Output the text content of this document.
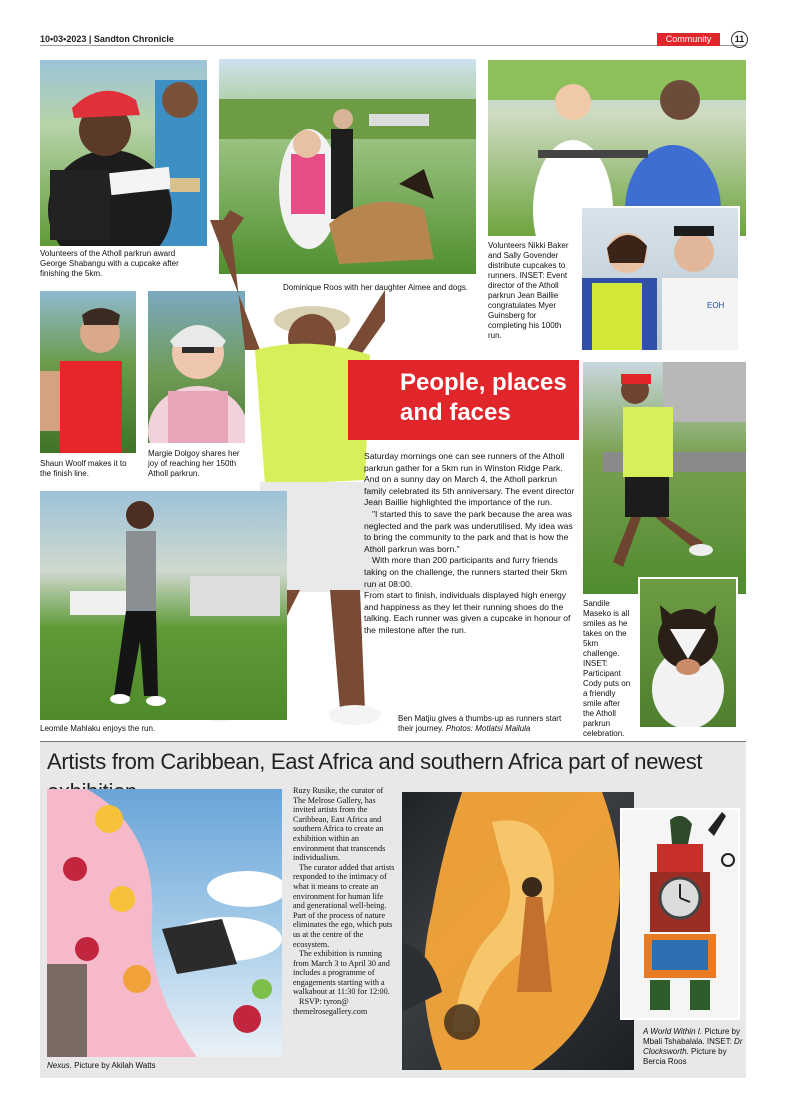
10•03•2023 | Sandton Chronicle	Community	11
Volunteers of the Atholl parkrun award George Shabangu with a cupcake after finishing the 5km.
Dominique Roos with her daughter Aimee and dogs.
Volunteers Nikki Baker and Sally Govender distribute cupcakes to runners. INSET: Event director of the Atholl parkrun Jean Baillie congratulates Myer Guinsberg for completing his 100th run.
EOH
Shaun Woolf makes it to the finish line.
Margie Dolgoy shares her joy of reaching her 150th Atholl parkrun.
People, places
and faces

Saturday mornings one can see runners of the Atholl parkrun gather for a 5km run in Winston Ridge Park. And on a sunny day on March 4, the Atholl parkrun family celebrated its 5th anniversary. The event director Jean Baillie highlighted the importance of the run.

"I started this to save the park because the area was neglected and the park was underutilised. My idea was to bring the community to the park and that is how the Atholl parkrun was born."

With more than 200 participants and furry friends taking on the challenge, the runners started their 5km run at 08:00.

From start to finish, individuals displayed high energy and happiness as they let their running shoes do the talking. Each runner was given a cupcake in honour of the milestone after the run.

Ben Matjiu gives a thumbs-up as runners start their journey. Photos: Motlatsi Mailula
Sandile Maseko is all smiles as he takes on the 5km challenge. INSET: Participant Cody puts on a friendly smile after the Atholl parkrun celebration.
Leomile Mahlaku enjoys the run.
Artists from Caribbean, East Africa and southern Africa part of newest
Nexus. Picture by Akilah Watts

Ruzy Rusike, the curator of The Melrose Gallery, has invited artists from the Caribbean, East Africa and southern Africa to create an exhibition within an environment that transcends individualism.

The curator added that artists responded to the intimacy of what it means to create an environment for human life and generational well-being. Part of the process of nature eliminates the ego, which puts us at the centre of the ecosystem.

The exhibition is running from March 3 to April 30 and includes a programme of engagements starting with a walkabout at 11:30 for 12:00.

RSVP: tyron@ themelrosegallery.com

A World Within I. Picture by Mbali Tshabalala. INSET: Dr Clocksworth. Picture by Bercia Roos
